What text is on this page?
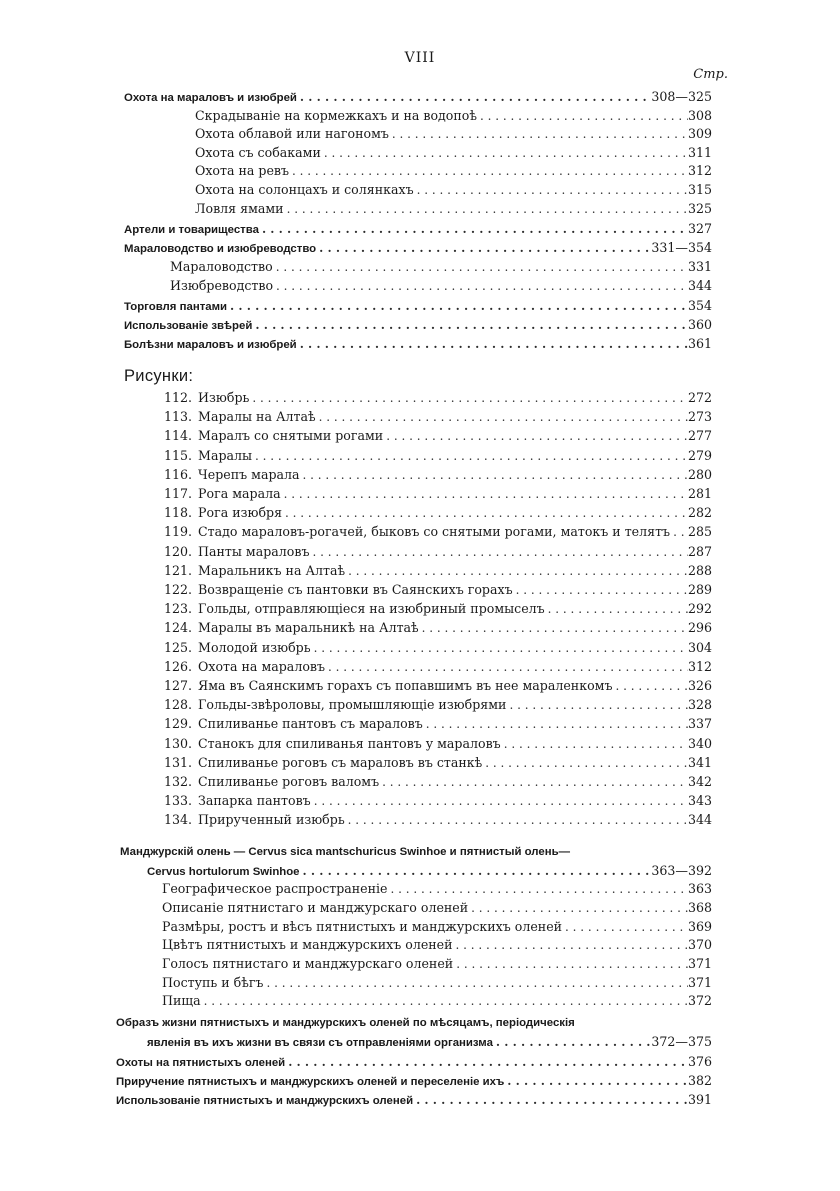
VIII
Стр.
Рисунки:
Охота на мараловъ и изюбрей . . .	308—325
Скрадываніе на кормежкахъ и на водопоѣ . . .	308
Охота облавой или нагономъ . . .	309
Охота съ собаками . . .	311
Охота на ревъ . . .	312
Охота на солонцахъ и солянкахъ . . .	315
Ловля ямами . . .	325
Артели и товарищества . . .	327
Мараловодство и изюбреводство . . .	331—354
Мараловодство . . .	331
Изюбреводство . . .	344
Торговля пантами . . .	354
Использованіе звѣрей . . .	360
Болѣзни мараловъ и изюбрей . . .	361
112. Изюбрь . . .	272
113. Маралы на Алтаѣ . . .	273
114. Маралъ со снятыми рогами . . .	277
115. Маралы . . .	279
116. Черепъ марала . . .	280
117. Рога марала . . .	281
118. Рога изюбря . . .	282
119. Стадо мараловъ-рогачей, быковъ со снятыми рогами, матокъ и телятъ . . . 285
120. Панты мараловъ . . .	287
121. Маральникъ на Алтаѣ . . .	288
122. Возвращеніе съ пантовки въ Саянскихъ горахъ . . .	289
123. Гольды, отправляющіеся на изюбриный промыселъ . . .	292
124. Маралы въ маральникѣ на Алтаѣ . . .	296
125. Молодой изюбрь . . .	304
126. Охота на мараловъ . . .	312
127. Яма въ Саянскимъ горахъ съ попавшимъ въ нее мараленкомъ . . .	326
128. Гольды-звѣроловы, промышляющіе изюбрями . . .	328
129. Спиливанье пантовъ съ мараловъ . . .	337
130. Станокъ для спиливанья пантовъ у мараловъ . . .	340
131. Спиливанье роговъ съ мараловъ въ станкѣ . . .	341
132. Спиливанье роговъ валомъ . . .	342
133. Запарка пантовъ . . .	343
134. Прирученный изюбрь . . .	344
Манджурскій олень — Cervus sica mantschuricus Swinhoe и пятнистый олень—
Cervus hortulorum Swinhoe . . .	363—392
Географическое распространеніе . . .	363
Описаніе пятнистаго и манджурскаго оленей . . .	368
Размѣры, ростъ и вѣсъ пятнистыхъ и манджурскихъ оленей . . .	369
Цвѣтъ пятнистыхъ и манджурскихъ оленей . . .	370
Голосъ пятнистаго и манджурскаго оленей . . .	371
Поступь и бѣгъ . . .	371
Пища . . .	372
Образъ жизни пятнистыхъ и манджурскихъ оленей по мѣсяцамъ, періодическія
явленія въ ихъ жизни въ связи съ отправленіями организма . . .	372—375
Охоты на пятнистыхъ оленей . . .	376
Приручение пятнистыхъ и манджурскихъ оленей и переселеніе ихъ . . .	382
Использованіе пятнистыхъ и манджурскихъ оленей . . .	391
